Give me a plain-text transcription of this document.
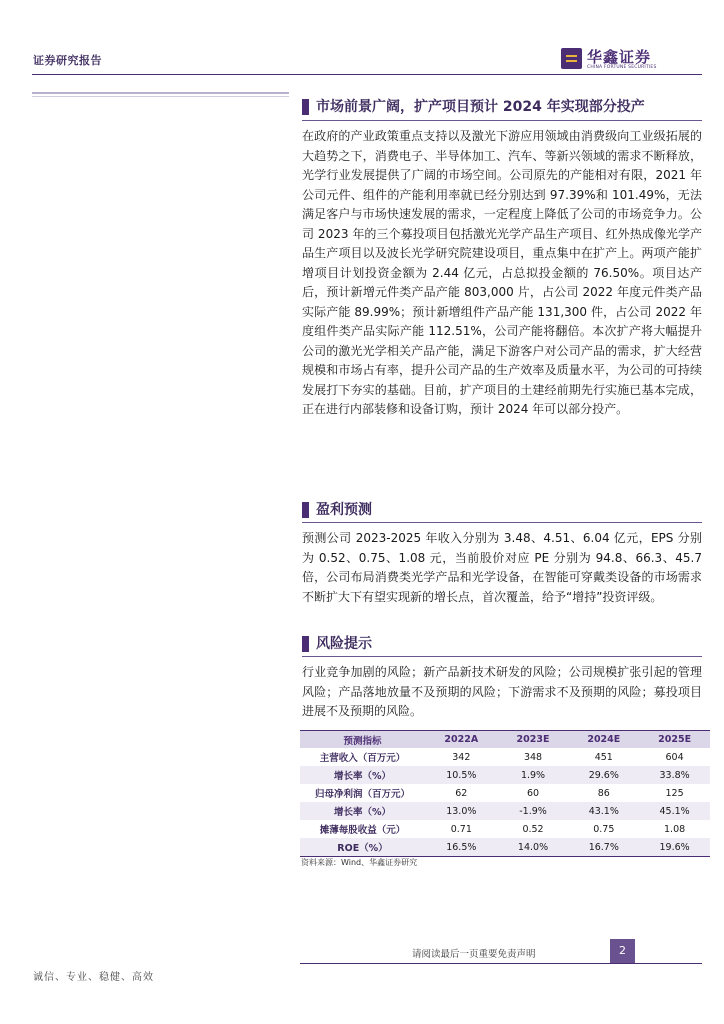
证券研究报告	华鑫证券
CHINA FORTUNE SECURITIES
市场前景广阔，扩产项目预计 2024 年实现部分投产
在政府的产业政策重点支持以及激光下游应用领域由消费级向工业级拓展的大趋势之下，消费电子、半导体加工、汽车、等新兴领域的需求不断释放，光学行业发展提供了广阔的市场空间。公司原先的产能相对有限，2021 年公司元件、组件的产能利用率就已经分别达到 97.39%和 101.49%，无法满足客户与市场快速发展的需求，一定程度上降低了公司的市场竞争力。公司 2023 年的三个募投项目包括激光光学产品生产项目、红外热成像光学产品生产项目以及波长光学研究院建设项目，重点集中在扩产上。两项产能扩增项目计划投资金额为 2.44 亿元，占总拟投金额的 76.50%。项目达产后，预计新增元件类产品产能 803,000 片，占公司 2022 年度元件类产品实际产能 89.99%；预计新增组件产品产能 131,300 件，占公司 2022 年度组件类产品实际产能 112.51%，公司产能将翻倍。本次扩产将大幅提升公司的激光光学相关产品产能，满足下游客户对公司产品的需求，扩大经营规模和市场占有率，提升公司产品的生产效率及质量水平，为公司的可持续发展打下夯实的基础。目前，扩产项目的土建经前期先行实施已基本完成，正在进行内部装修和设备订购，预计 2024 年可以部分投产。
盈利预测
预测公司 2023-2025 年收入分别为 3.48、4.51、6.04 亿元，EPS 分别为 0.52、0.75、1.08 元，当前股价对应 PE 分别为 94.8、66.3、45.7 倍，公司布局消费类光学产品和光学设备，在智能可穿戴类设备的市场需求不断扩大下有望实现新的增长点，首次覆盖，给予“增持”投资评级。
风险提示
行业竞争加剧的风险；新产品新技术研发的风险；公司规模扩张引起的管理风险；产品落地放量不及预期的风险；下游需求不及预期的风险；募投项目进展不及预期的风险。
预测指标	2022A	2023E	2024E	2025E
主营收入（百万元）	342	348	451	604
增长率（%）	10.5%	1.9%	29.6%	33.8%
归母净利润（百万元）	62	60	86	125
增长率（%）	13.0%	-1.9%	43.1%	45.1%
摊薄每股收益（元）	0.71	0.52	0.75	1.08
ROE（%）	16.5%	14.0%	16.7%	19.6%
资料来源：Wind、华鑫证券研究
请阅读最后一页重要免责声明	2
诚信、专业、稳健、高效
